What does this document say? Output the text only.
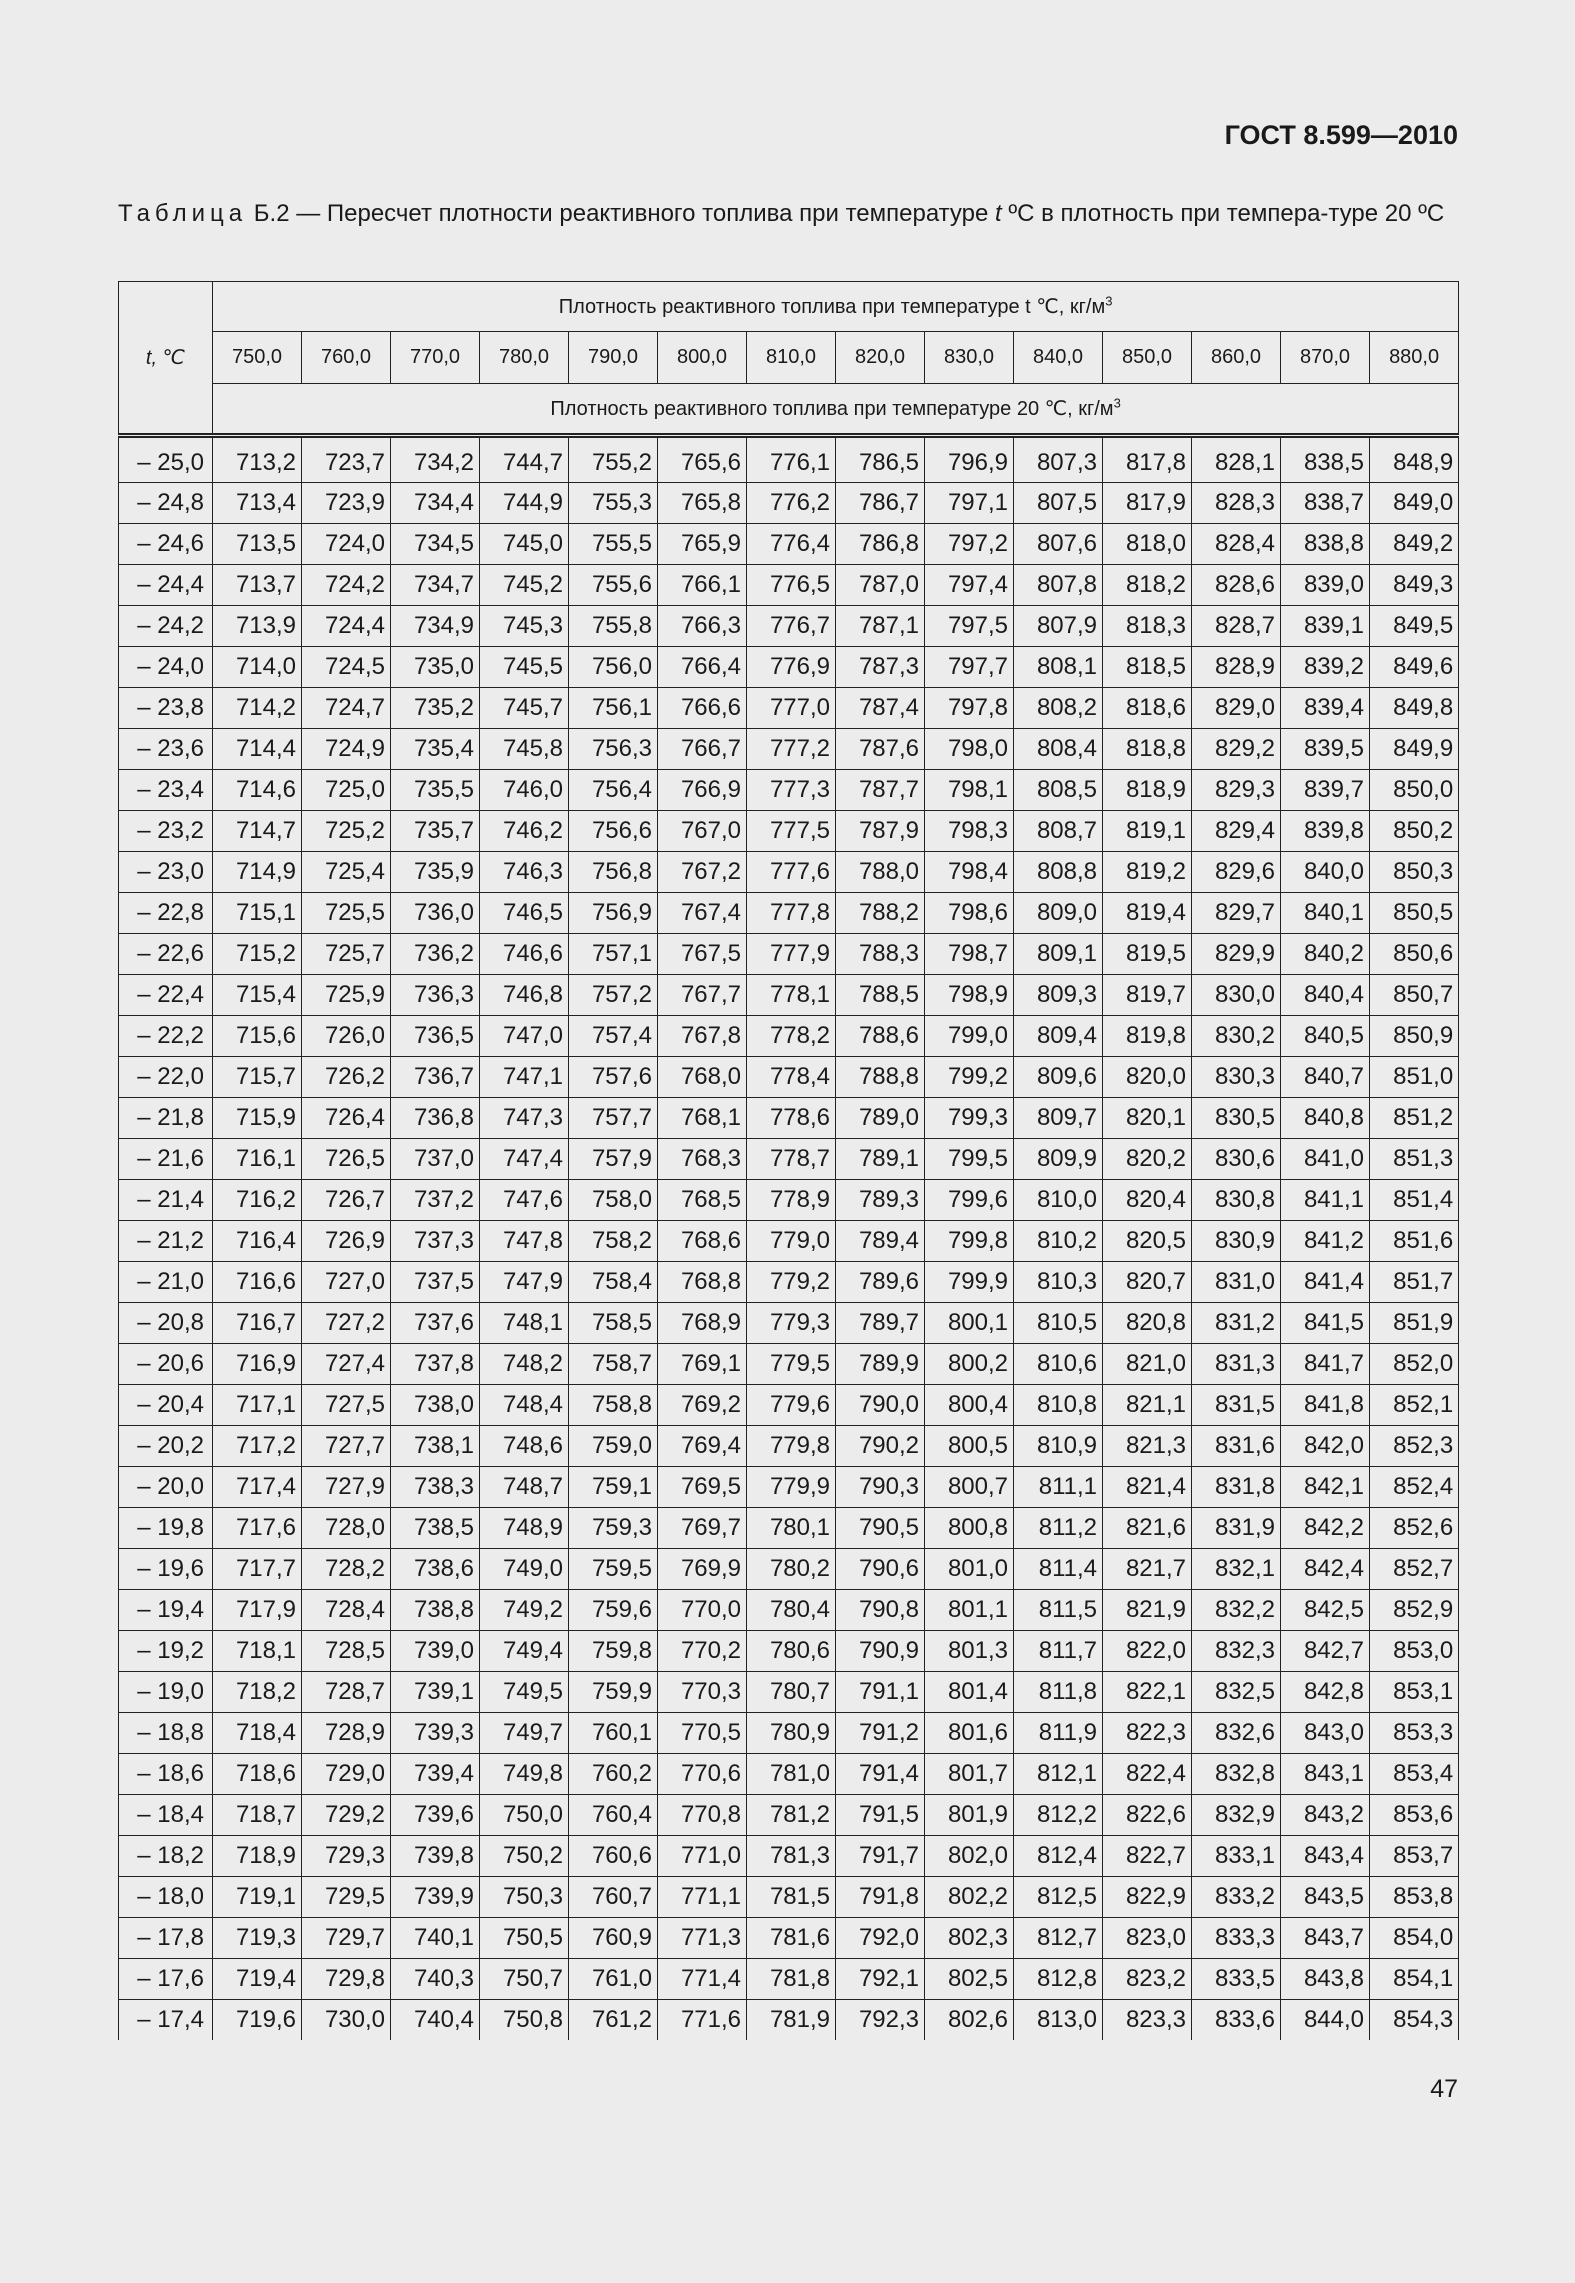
ГОСТ 8.599—2010
Таблица Б.2 — Пересчет плотности реактивного топлива при температуре t ºС в плотность при темпера-туре 20 ºС
t, ℃	Плотность реактивного топлива при температуре t ℃, $кг/м^3$
	750,0	760,0	770,0	780,0	790,0	800,0	810,0	820,0	830,0	840,0	850,0	860,0	870,0	880,0
	Плотность реактивного топлива при температуре 20 ℃, $кг/м^3$
– 25,0	713,2	723,7	734,2	744,7	755,2	765,6	776,1	786,5	796,9	807,3	817,8	828,1	838,5	848,9
– 24,8	713,4	723,9	734,4	744,9	755,3	765,8	776,2	786,7	797,1	807,5	817,9	828,3	838,7	849,0
– 24,6	713,5	724,0	734,5	745,0	755,5	765,9	776,4	786,8	797,2	807,6	818,0	828,4	838,8	849,2
– 24,4	713,7	724,2	734,7	745,2	755,6	766,1	776,5	787,0	797,4	807,8	818,2	828,6	839,0	849,3
– 24,2	713,9	724,4	734,9	745,3	755,8	766,3	776,7	787,1	797,5	807,9	818,3	828,7	839,1	849,5
– 24,0	714,0	724,5	735,0	745,5	756,0	766,4	776,9	787,3	797,7	808,1	818,5	828,9	839,2	849,6
– 23,8	714,2	724,7	735,2	745,7	756,1	766,6	777,0	787,4	797,8	808,2	818,6	829,0	839,4	849,8
– 23,6	714,4	724,9	735,4	745,8	756,3	766,7	777,2	787,6	798,0	808,4	818,8	829,2	839,5	849,9
– 23,4	714,6	725,0	735,5	746,0	756,4	766,9	777,3	787,7	798,1	808,5	818,9	829,3	839,7	850,0
– 23,2	714,7	725,2	735,7	746,2	756,6	767,0	777,5	787,9	798,3	808,7	819,1	829,4	839,8	850,2
– 23,0	714,9	725,4	735,9	746,3	756,8	767,2	777,6	788,0	798,4	808,8	819,2	829,6	840,0	850,3
– 22,8	715,1	725,5	736,0	746,5	756,9	767,4	777,8	788,2	798,6	809,0	819,4	829,7	840,1	850,5
– 22,6	715,2	725,7	736,2	746,6	757,1	767,5	777,9	788,3	798,7	809,1	819,5	829,9	840,2	850,6
– 22,4	715,4	725,9	736,3	746,8	757,2	767,7	778,1	788,5	798,9	809,3	819,7	830,0	840,4	850,7
– 22,2	715,6	726,0	736,5	747,0	757,4	767,8	778,2	788,6	799,0	809,4	819,8	830,2	840,5	850,9
– 22,0	715,7	726,2	736,7	747,1	757,6	768,0	778,4	788,8	799,2	809,6	820,0	830,3	840,7	851,0
– 21,8	715,9	726,4	736,8	747,3	757,7	768,1	778,6	789,0	799,3	809,7	820,1	830,5	840,8	851,2
– 21,6	716,1	726,5	737,0	747,4	757,9	768,3	778,7	789,1	799,5	809,9	820,2	830,6	841,0	851,3
– 21,4	716,2	726,7	737,2	747,6	758,0	768,5	778,9	789,3	799,6	810,0	820,4	830,8	841,1	851,4
– 21,2	716,4	726,9	737,3	747,8	758,2	768,6	779,0	789,4	799,8	810,2	820,5	830,9	841,2	851,6
– 21,0	716,6	727,0	737,5	747,9	758,4	768,8	779,2	789,6	799,9	810,3	820,7	831,0	841,4	851,7
– 20,8	716,7	727,2	737,6	748,1	758,5	768,9	779,3	789,7	800,1	810,5	820,8	831,2	841,5	851,9
– 20,6	716,9	727,4	737,8	748,2	758,7	769,1	779,5	789,9	800,2	810,6	821,0	831,3	841,7	852,0
– 20,4	717,1	727,5	738,0	748,4	758,8	769,2	779,6	790,0	800,4	810,8	821,1	831,5	841,8	852,1
– 20,2	717,2	727,7	738,1	748,6	759,0	769,4	779,8	790,2	800,5	810,9	821,3	831,6	842,0	852,3
– 20,0	717,4	727,9	738,3	748,7	759,1	769,5	779,9	790,3	800,7	811,1	821,4	831,8	842,1	852,4
– 19,8	717,6	728,0	738,5	748,9	759,3	769,7	780,1	790,5	800,8	811,2	821,6	831,9	842,2	852,6
– 19,6	717,7	728,2	738,6	749,0	759,5	769,9	780,2	790,6	801,0	811,4	821,7	832,1	842,4	852,7
– 19,4	717,9	728,4	738,8	749,2	759,6	770,0	780,4	790,8	801,1	811,5	821,9	832,2	842,5	852,9
– 19,2	718,1	728,5	739,0	749,4	759,8	770,2	780,6	790,9	801,3	811,7	822,0	832,3	842,7	853,0
– 19,0	718,2	728,7	739,1	749,5	759,9	770,3	780,7	791,1	801,4	811,8	822,1	832,5	842,8	853,1
– 18,8	718,4	728,9	739,3	749,7	760,1	770,5	780,9	791,2	801,6	811,9	822,3	832,6	843,0	853,3
– 18,6	718,6	729,0	739,4	749,8	760,2	770,6	781,0	791,4	801,7	812,1	822,4	832,8	843,1	853,4
– 18,4	718,7	729,2	739,6	750,0	760,4	770,8	781,2	791,5	801,9	812,2	822,6	832,9	843,2	853,6
– 18,2	718,9	729,3	739,8	750,2	760,6	771,0	781,3	791,7	802,0	812,4	822,7	833,1	843,4	853,7
– 18,0	719,1	729,5	739,9	750,3	760,7	771,1	781,5	791,8	802,2	812,5	822,9	833,2	843,5	853,8
– 17,8	719,3	729,7	740,1	750,5	760,9	771,3	781,6	792,0	802,3	812,7	823,0	833,3	843,7	854,0
– 17,6	719,4	729,8	740,3	750,7	761,0	771,4	781,8	792,1	802,5	812,8	823,2	833,5	843,8	854,1
– 17,4	719,6	730,0	740,4	750,8	761,2	771,6	781,9	792,3	802,6	813,0	823,3	833,6	844,0	854,3
47
